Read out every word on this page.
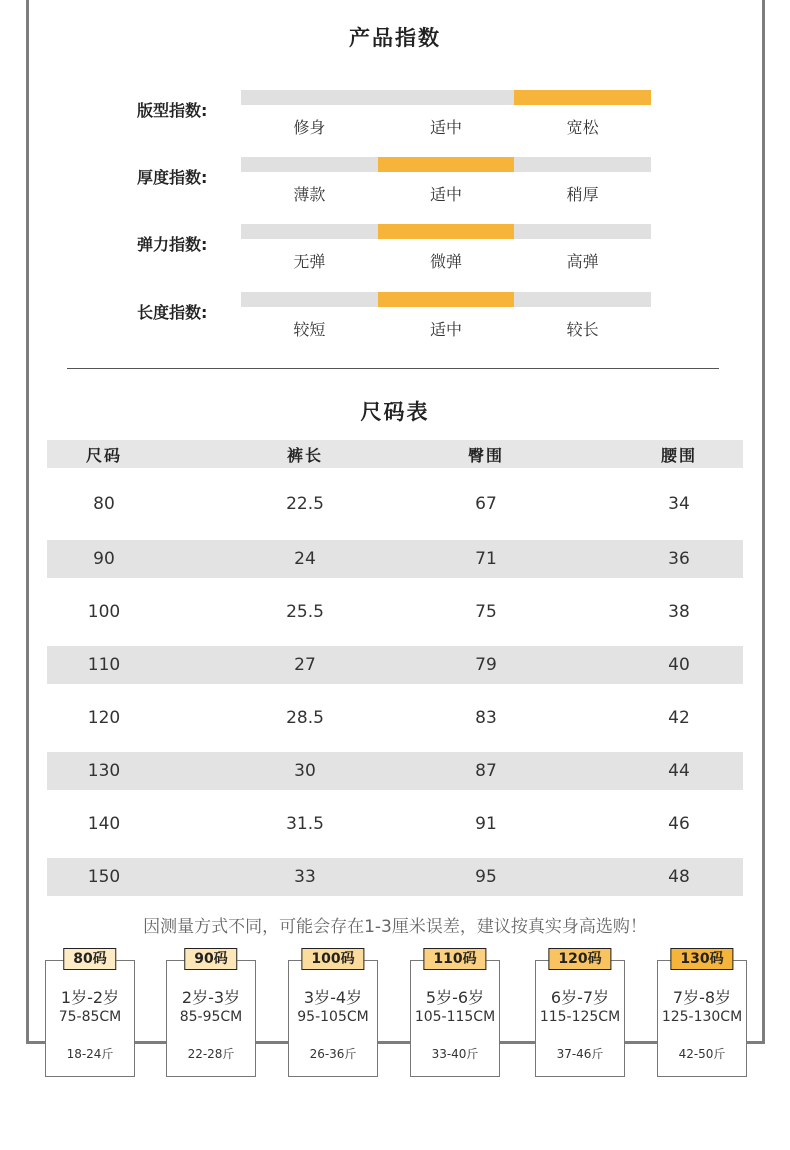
产品指数
版型指数:
修身	适中	宽松
厚度指数:
薄款	适中	稍厚
弹力指数:
无弹	微弹	高弹
长度指数:
较短	适中	较长
尺码表
尺码	裤长	臀围	腰围
80	22.5	67	34
90	24	71	36
100	25.5	75	38
110	27	79	40
120	28.5	83	42
130	30	87	44
140	31.5	91	46
150	33	95	48
因测量方式不同，可能会存在1-3厘米误差，建议按真实身高选购！
80码
1岁-2岁
75-85CM
18-24斤
90码
2岁-3岁
85-95CM
22-28斤
100码
3岁-4岁
95-105CM
26-36斤
110码
5岁-6岁
105-115CM
33-40斤
120码
6岁-7岁
115-125CM
37-46斤
130码
7岁-8岁
125-130CM
42-50斤
